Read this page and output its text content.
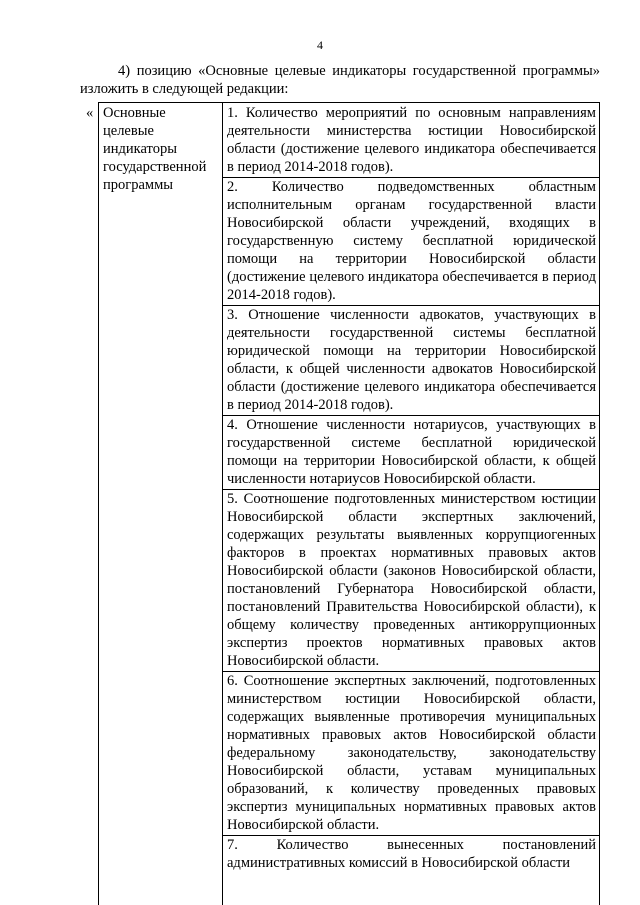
4
4) позицию «Основные целевые индикаторы государственной программы»
изложить в следующей редакции:
« Основные целевые индикаторы государственной программы
1. Количество мероприятий по основным направлениям деятельности министерства юстиции Новосибирской области (достижение целевого индикатора обеспечивается в период 2014-2018 годов).
2. Количество подведомственных областным исполнительным органам государственной власти Новосибирской области учреждений, входящих в государственную систему бесплатной юридической помощи на территории Новосибирской области (достижение целевого индикатора обеспечивается в период 2014-2018 годов).
3. Отношение численности адвокатов, участвующих в деятельности государственной системы бесплатной юридической помощи на территории Новосибирской области, к общей численности адвокатов Новосибирской области (достижение целевого индикатора обеспечивается в период 2014-2018 годов).
4. Отношение численности нотариусов, участвующих в государственной системе бесплатной юридической помощи на территории Новосибирской области, к общей численности нотариусов Новосибирской области.
5. Соотношение подготовленных министерством юстиции Новосибирской области экспертных заключений, содержащих результаты выявленных коррупциогенных факторов в проектах нормативных правовых актов Новосибирской области (законов Новосибирской области, постановлений Губернатора Новосибирской области, постановлений Правительства Новосибирской области), к общему количеству проведенных антикоррупционных экспертиз проектов нормативных правовых актов Новосибирской области.
6. Соотношение экспертных заключений, подготовленных министерством юстиции Новосибирской области, содержащих выявленные противоречия муниципальных нормативных правовых актов Новосибирской области федеральному законодательству, законодательству Новосибирской области, уставам муниципальных образований, к количеству проведенных правовых экспертиз муниципальных нормативных правовых актов Новосибирской области.
7. Количество вынесенных постановлений административных комиссий в Новосибирской области
